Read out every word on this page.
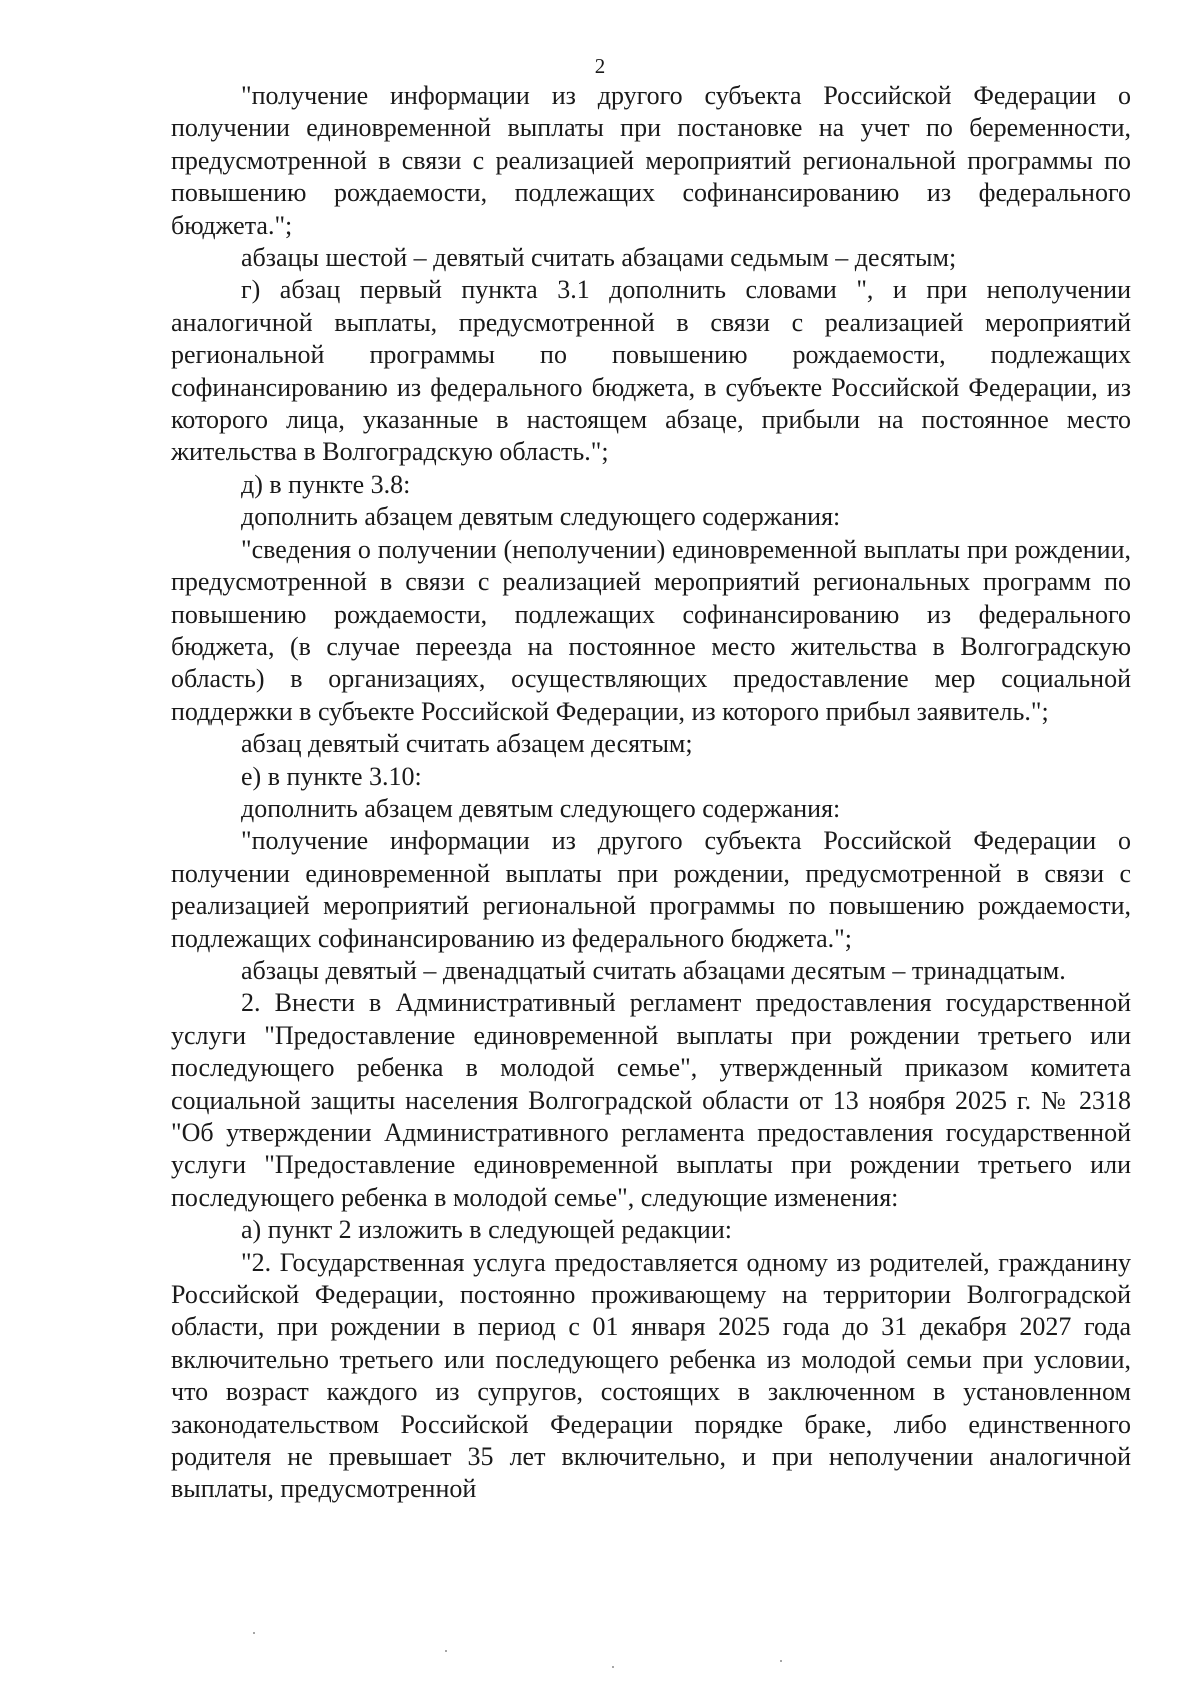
2

"получение информации из другого субъекта Российской Федерации о получении единовременной выплаты при постановке на учет по беременности, предусмотренной в связи с реализацией мероприятий региональной программы по повышению рождаемости, подлежащих софинансированию из федерального бюджета.";

абзацы шестой – девятый считать абзацами седьмым – десятым;

г) абзац первый пункта 3.1 дополнить словами ", и при неполучении аналогичной выплаты, предусмотренной в связи с реализацией мероприятий региональной программы по повышению рождаемости, подлежащих софинансированию из федерального бюджета, в субъекте Российской Федерации, из которого лица, указанные в настоящем абзаце, прибыли на постоянное место жительства в Волгоградскую область.";

д) в пункте 3.8:

дополнить абзацем девятым следующего содержания:

"сведения о получении (неполучении) единовременной выплаты при рождении, предусмотренной в связи с реализацией мероприятий региональных программ по повышению рождаемости, подлежащих софинансированию из федерального бюджета, (в случае переезда на постоянное место жительства в Волгоградскую область) в организациях, осуществляющих предоставление мер социальной поддержки в субъекте Российской Федерации, из которого прибыл заявитель.";

абзац девятый считать абзацем десятым;

е) в пункте 3.10:

дополнить абзацем девятым следующего содержания:

"получение информации из другого субъекта Российской Федерации о получении единовременной выплаты при рождении, предусмотренной в связи с реализацией мероприятий региональной программы по повышению рождаемости, подлежащих софинансированию из федерального бюджета.";

абзацы девятый – двенадцатый считать абзацами десятым – тринадцатым.

2. Внести в Административный регламент предоставления государственной услуги "Предоставление единовременной выплаты при рождении третьего или последующего ребенка в молодой семье", утвержденный приказом комитета социальной защиты населения Волгоградской области от 13 ноября 2025 г. № 2318 "Об утверждении Административного регламента предоставления государственной услуги "Предоставление единовременной выплаты при рождении третьего или последующего ребенка в молодой семье", следующие изменения:

а) пункт 2 изложить в следующей редакции:

"2. Государственная услуга предоставляется одному из родителей, гражданину Российской Федерации, постоянно проживающему на территории Волгоградской области, при рождении в период с 01 января 2025 года до 31 декабря 2027 года включительно третьего или последующего ребенка из молодой семьи при условии, что возраст каждого из супругов, состоящих в заключенном в установленном законодательством Российской Федерации порядке браке, либо единственного родителя не превышает 35 лет включительно, и при неполучении аналогичной выплаты, предусмотренной
